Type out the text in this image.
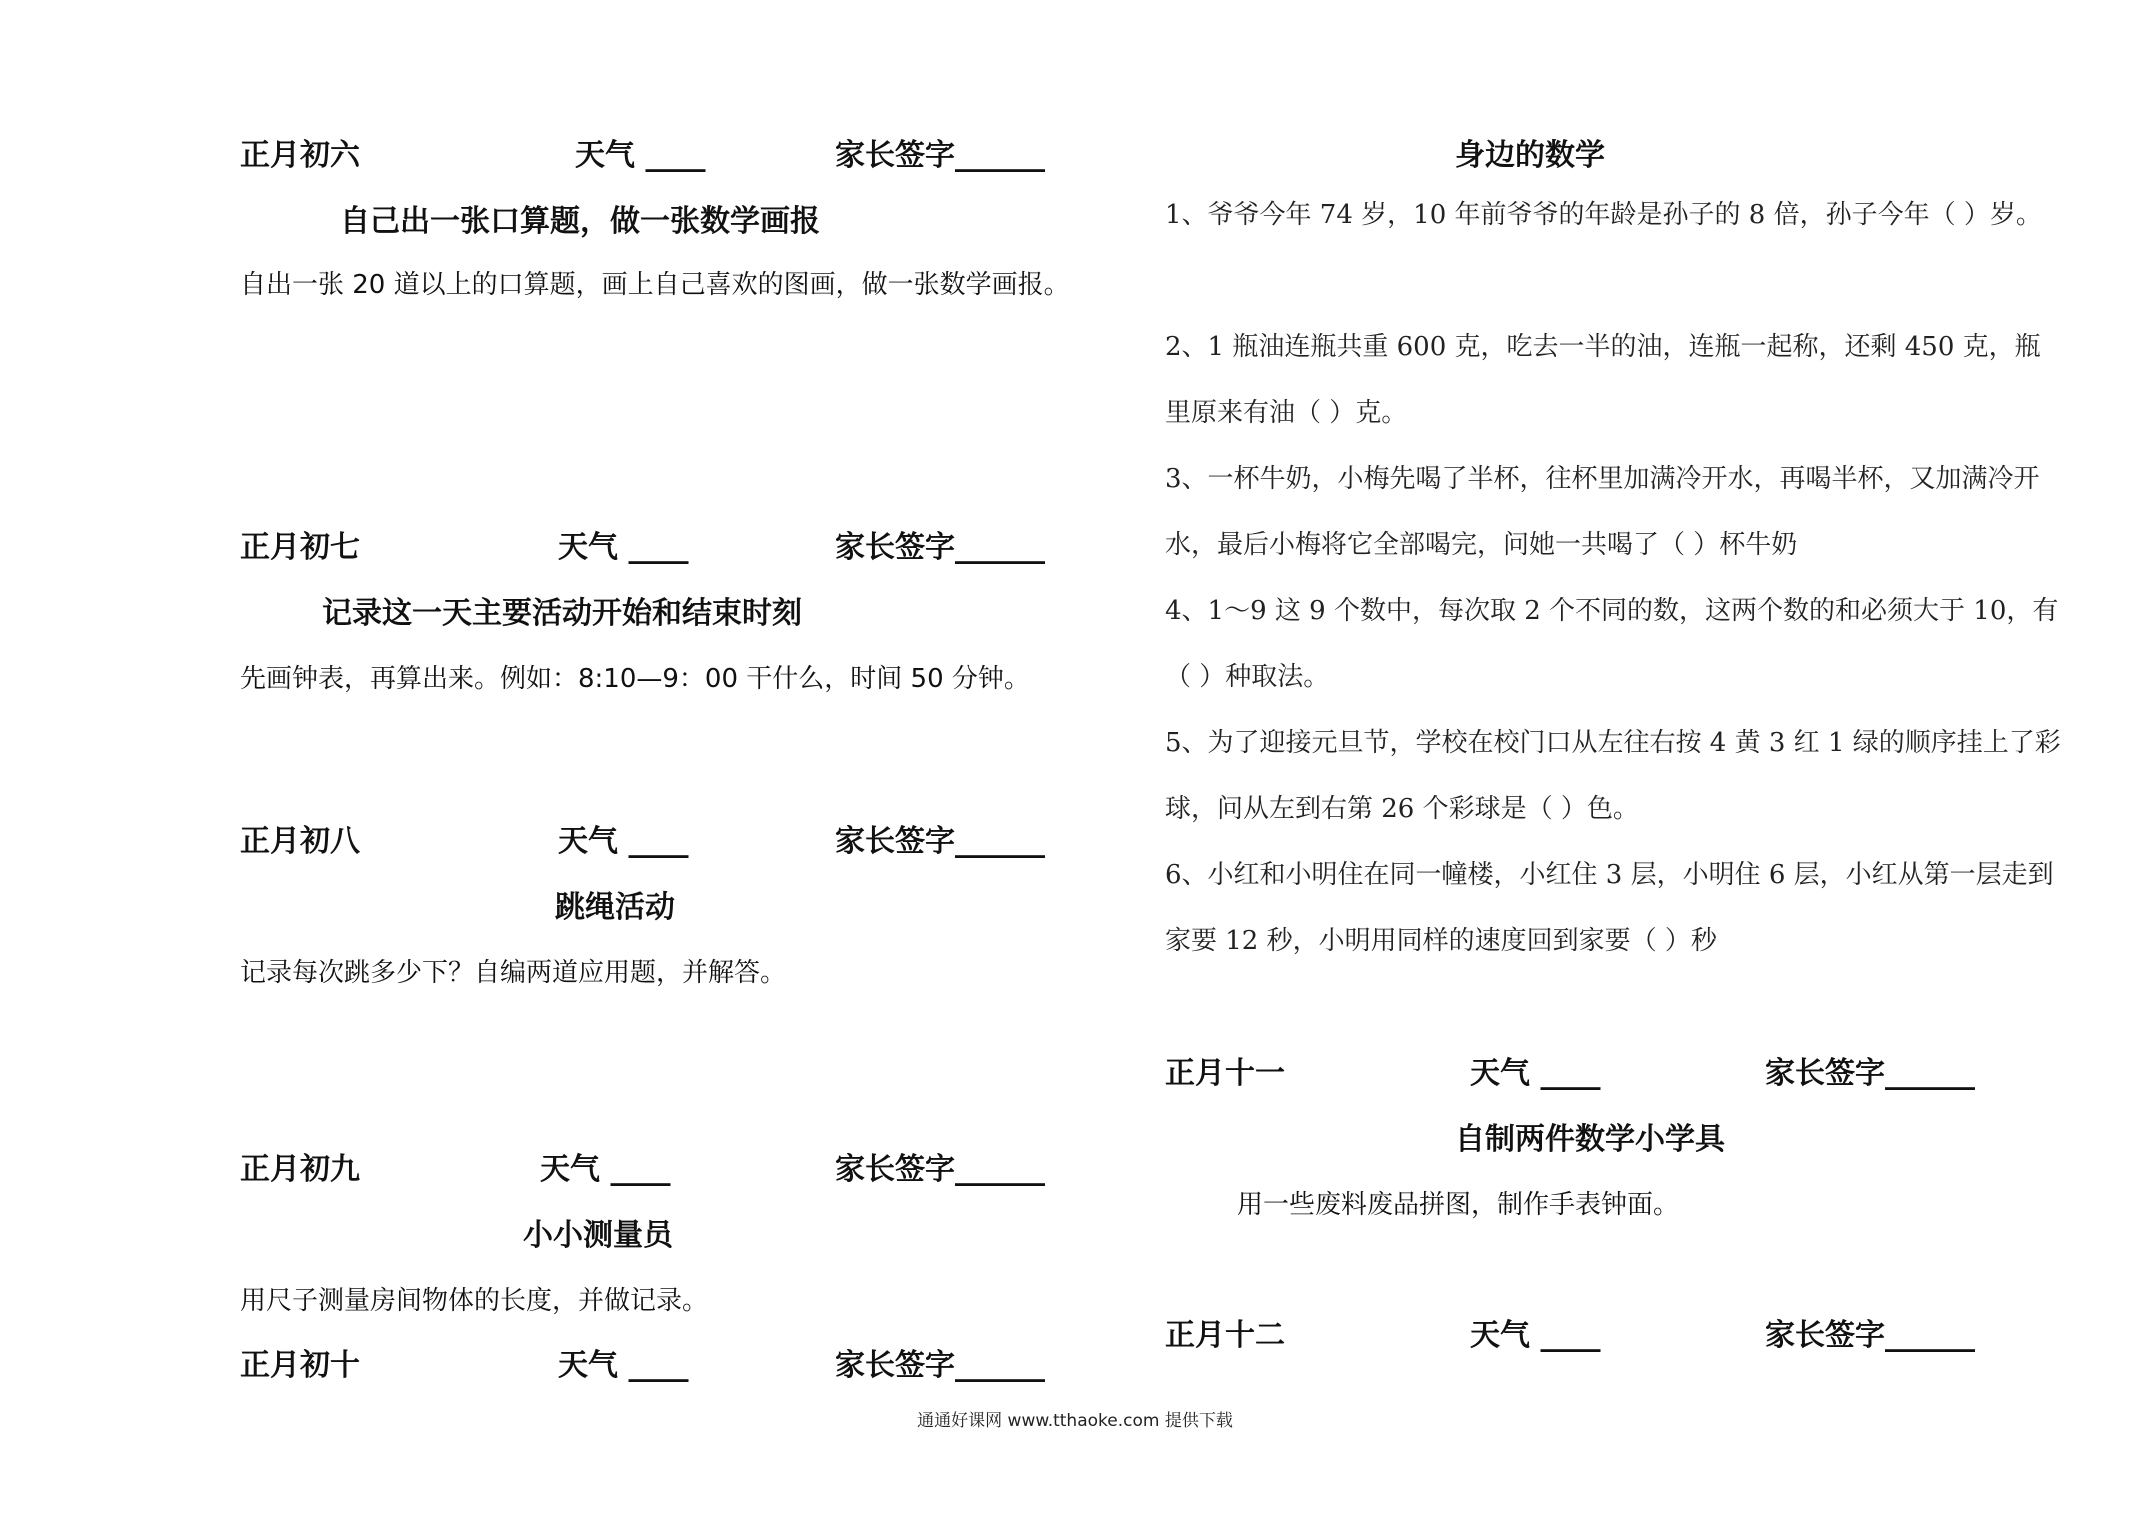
正月初六	天气 ____	家长签字______
自己出一张口算题，做一张数学画报
自出一张 20 道以上的口算题，画上自己喜欢的图画，做一张数学画报。
正月初七	天气 ____	家长签字______
记录这一天主要活动开始和结束时刻
先画钟表，再算出来。例如：8:10—9：00 干什么，时间 50 分钟。
正月初八	天气 ____	家长签字______
跳绳活动
记录每次跳多少下？自编两道应用题，并解答。
正月初九	天气 ____	家长签字______
小小测量员
用尺子测量房间物体的长度，并做记录。
正月初十	天气 ____	家长签字______
身边的数学
1、爷爷今年 74 岁，10 年前爷爷的年龄是孙子的 8 倍，孙子今年（ ）岁。
2、1 瓶油连瓶共重 600 克，吃去一半的油，连瓶一起称，还剩 450 克，瓶里原来有油（ ）克。
3、一杯牛奶，小梅先喝了半杯，往杯里加满冷开水，再喝半杯，又加满冷开水，最后小梅将它全部喝完，问她一共喝了（ ）杯牛奶
4、1～9 这 9 个数中，每次取 2 个不同的数，这两个数的和必须大于 10，有（ ）种取法。
5、为了迎接元旦节，学校在校门口从左往右按 4 黄 3 红 1 绿的顺序挂上了彩球，问从左到右第 26 个彩球是（ ）色。
6、小红和小明住在同一幢楼，小红住 3 层，小明住 6 层，小红从第一层走到家要 12 秒，小明用同样的速度回到家要（ ）秒
正月十一	天气 ____	家长签字______
自制两件数学小学具
用一些废料废品拼图，制作手表钟面。
正月十二	天气 ____	家长签字______
通通好课网 www.tthaoke.com 提供下载
